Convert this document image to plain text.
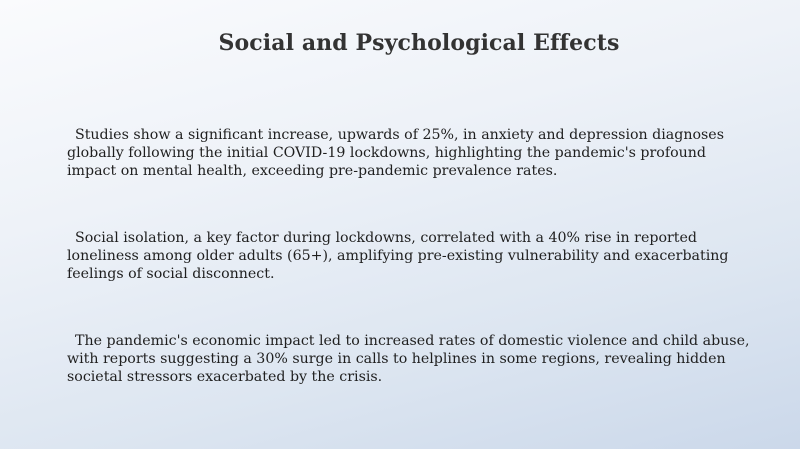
Social and Psychological Effects

Studies show a significant increase, upwards of 25%, in anxiety and depression diagnoses globally following the initial COVID-19 lockdowns, highlighting the pandemic's profound impact on mental health, exceeding pre-pandemic prevalence rates.

Social isolation, a key factor during lockdowns, correlated with a 40% rise in reported loneliness among older adults (65+), amplifying pre-existing vulnerability and exacerbating feelings of social disconnect.

The pandemic's economic impact led to increased rates of domestic violence and child abuse, with reports suggesting a 30% surge in calls to helplines in some regions, revealing hidden societal stressors exacerbated by the crisis.
